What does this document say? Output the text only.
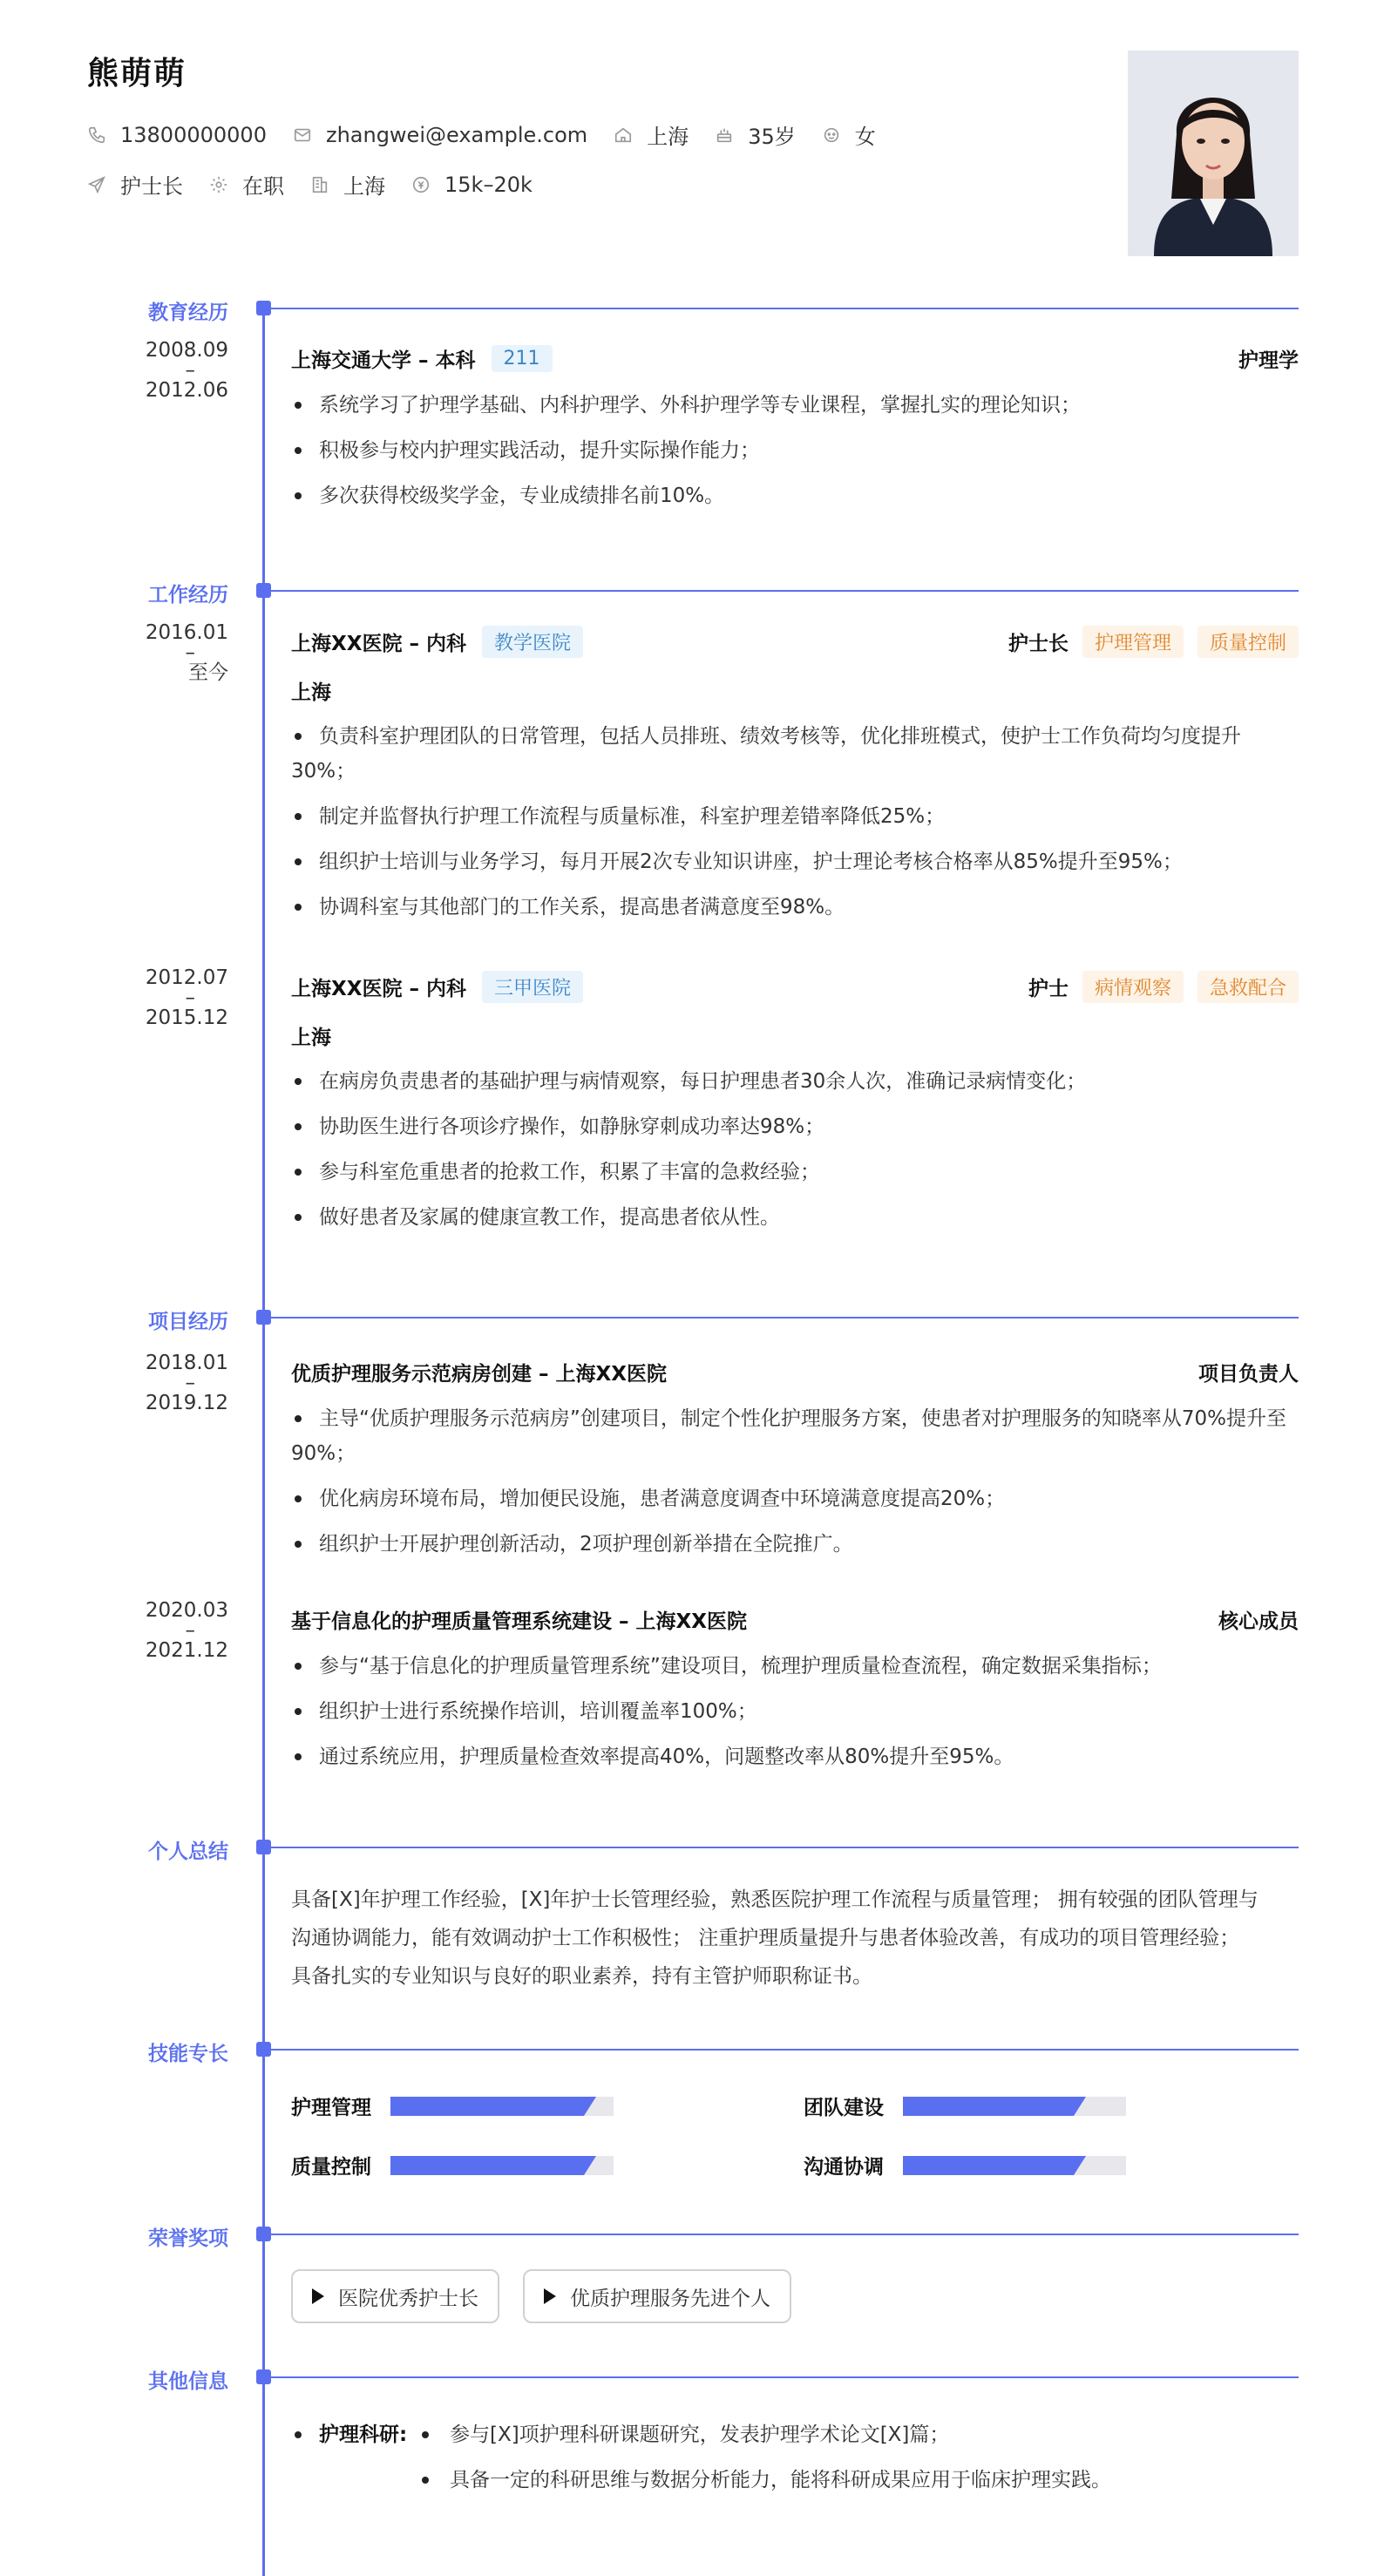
熊萌萌
13800000000	zhangwei@example.com	上海	35岁	女
护士长	在职	上海	15k–20k
教育经历
2008.09
–
2012.06
上海交通大学 – 本科	211	护理学
系统学习了护理学基础、内科护理学、外科护理学等专业课程，掌握扎实的理论知识；
积极参与校内护理实践活动，提升实际操作能力；
多次获得校级奖学金，专业成绩排名前10%。
工作经历
2016.01
–
至今
上海XX医院 – 内科	教学医院	护士长	护理管理	质量控制
上海
负责科室护理团队的日常管理，包括人员排班、绩效考核等，优化排班模式，使护士工作负荷均匀度提升30%；
制定并监督执行护理工作流程与质量标准，科室护理差错率降低25%；
组织护士培训与业务学习，每月开展2次专业知识讲座，护士理论考核合格率从85%提升至95%；
协调科室与其他部门的工作关系，提高患者满意度至98%。
2012.07
–
2015.12
上海XX医院 – 内科	三甲医院	护士	病情观察	急救配合
上海
在病房负责患者的基础护理与病情观察，每日护理患者30余人次，准确记录病情变化；
协助医生进行各项诊疗操作，如静脉穿刺成功率达98%；
参与科室危重患者的抢救工作，积累了丰富的急救经验；
做好患者及家属的健康宣教工作，提高患者依从性。
项目经历
2018.01
–
2019.12
优质护理服务示范病房创建 – 上海XX医院	项目负责人
主导“优质护理服务示范病房”创建项目，制定个性化护理服务方案，使患者对护理服务的知晓率从70%提升至90%；
优化病房环境布局，增加便民设施，患者满意度调查中环境满意度提高20%；
组织护士开展护理创新活动，2项护理创新举措在全院推广。
2020.03
–
2021.12
基于信息化的护理质量管理系统建设 – 上海XX医院	核心成员
参与“基于信息化的护理质量管理系统”建设项目，梳理护理质量检查流程，确定数据采集指标；
组织护士进行系统操作培训，培训覆盖率100%；
通过系统应用，护理质量检查效率提高40%，问题整改率从80%提升至95%。
个人总结
具备[X]年护理工作经验，[X]年护士长管理经验，熟悉医院护理工作流程与质量管理； 拥有较强的团队管理与
沟通协调能力，能有效调动护士工作积极性； 注重护理质量提升与患者体验改善，有成功的项目管理经验；
具备扎实的专业知识与良好的职业素养，持有主管护师职称证书。
技能专长
护理管理	团队建设
质量控制	沟通协调
荣誉奖项
医院优秀护士长	优质护理服务先进个人
其他信息
护理科研:	参与[X]项护理科研课题研究，发表护理学术论文[X]篇；
具备一定的科研思维与数据分析能力，能将科研成果应用于临床护理实践。
